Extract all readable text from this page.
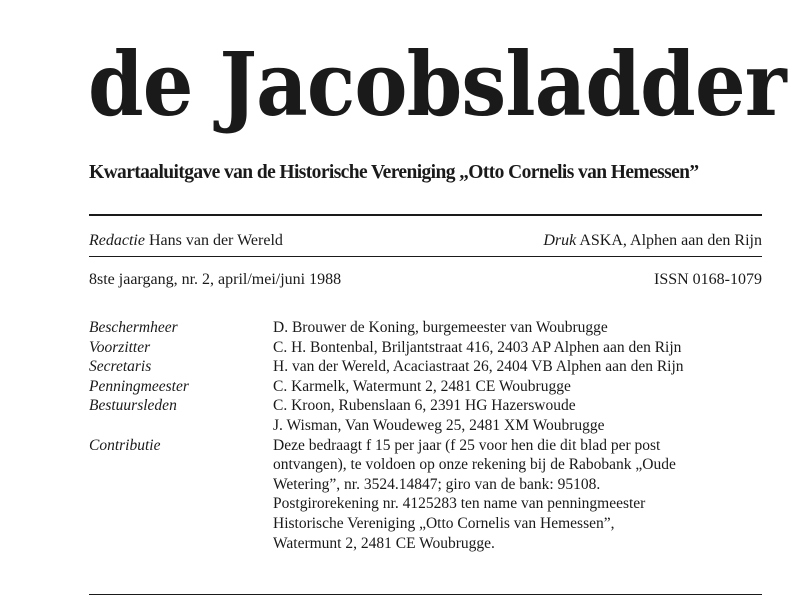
de Jacobsladder
Kwartaaluitgave van de Historische Vereniging „Otto Cornelis van Hemessen”
Redactie Hans van der Wereld	Druk ASKA, Alphen aan den Rijn
8ste jaargang, nr. 2, april/mei/juni 1988	ISSN 0168-1079
Beschermheer	D. Brouwer de Koning, burgemeester van Woubrugge
Voorzitter	C. H. Bontenbal, Briljantstraat 416, 2403 AP Alphen aan den Rijn
Secretaris	H. van der Wereld, Acaciastraat 26, 2404 VB Alphen aan den Rijn
Penningmeester	C. Karmelk, Watermunt 2, 2481 CE Woubrugge
Bestuursleden	C. Kroon, Rubenslaan 6, 2391 HG Hazerswoude
J. Wisman, Van Woudeweg 25, 2481 XM Woubrugge
Contributie	Deze bedraagt f 15 per jaar (f 25 voor hen die dit blad per post
ontvangen), te voldoen op onze rekening bij de Rabobank „Oude
Wetering”, nr. 3524.14847; giro van de bank: 95108.
Postgirorekening nr. 4125283 ten name van penningmeester
Historische Vereniging „Otto Cornelis van Hemessen”,
Watermunt 2, 2481 CE Woubrugge.
